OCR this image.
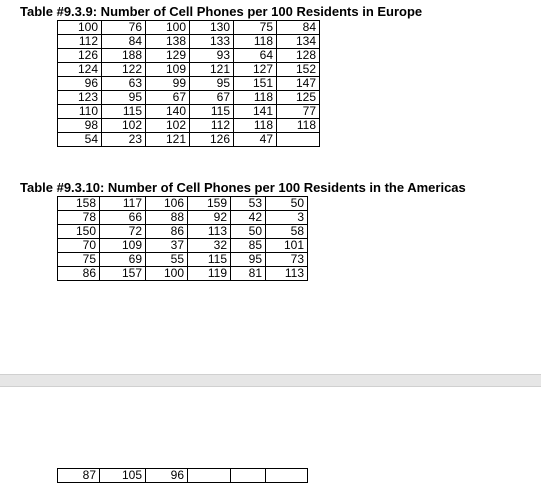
Table #9.3.9: Number of Cell Phones per 100 Residents in Europe

100	76	100	130	75	84
112	84	138	133	118	134
126	188	129	93	64	128
124	122	109	121	127	152
96	63	99	95	151	147
123	95	67	67	118	125
110	115	140	115	141	77
98	102	102	112	118	118
54	23	121	126	47	

Table #9.3.10: Number of Cell Phones per 100 Residents in the Americas

158	117	106	159	53	50
78	66	88	92	42	3
150	72	86	113	50	58
70	109	37	32	85	101
75	69	55	115	95	73
86	157	100	119	81	113
87	105	96			
